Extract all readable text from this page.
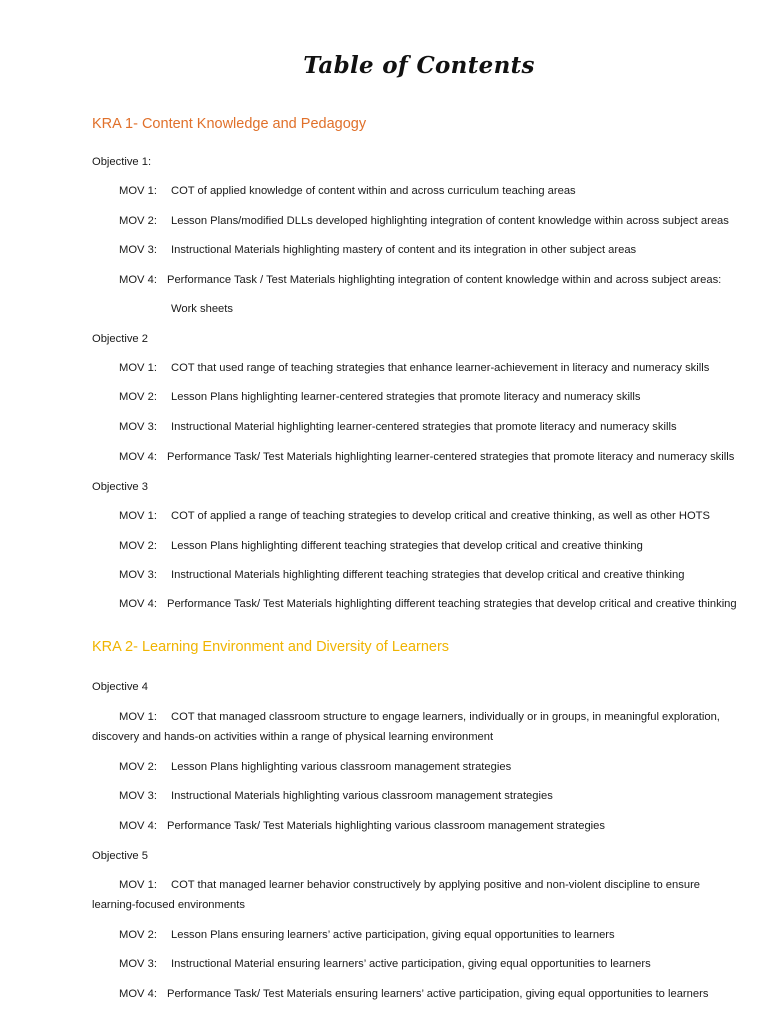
Table of Contents
KRA 1- Content Knowledge and Pedagogy
Objective 1:
MOV 1: COT of applied knowledge of content within and across curriculum teaching areas
MOV 2: Lesson Plans/modified DLLs developed highlighting integration of content knowledge within across subject areas
MOV 3: Instructional Materials highlighting mastery of content and its integration in other subject areas
MOV 4: Performance Task / Test Materials highlighting integration of content knowledge within and across subject areas:
Work sheets
Objective 2
MOV 1: COT that used range of teaching strategies that enhance learner-achievement in literacy and numeracy skills
MOV 2: Lesson Plans highlighting learner-centered strategies that promote literacy and numeracy skills
MOV 3: Instructional Material highlighting learner-centered strategies that promote literacy and numeracy skills
MOV 4: Performance Task/ Test Materials highlighting learner-centered strategies that promote literacy and numeracy skills
Objective 3
MOV 1: COT of applied a range of teaching strategies to develop critical and creative thinking, as well as other HOTS
MOV 2: Lesson Plans highlighting different teaching strategies that develop critical and creative thinking
MOV 3: Instructional Materials highlighting different teaching strategies that develop critical and creative thinking
MOV 4: Performance Task/ Test Materials highlighting different teaching strategies that develop critical and creative thinking
KRA 2- Learning Environment and Diversity of Learners
Objective 4
MOV 1: COT that managed classroom structure to engage learners, individually or in groups, in meaningful exploration,
discovery and hands-on activities within a range of physical learning environment
MOV 2: Lesson Plans highlighting various classroom management strategies
MOV 3: Instructional Materials highlighting various classroom management strategies
MOV 4: Performance Task/ Test Materials highlighting various classroom management strategies
Objective 5
MOV 1: COT that managed learner behavior constructively by applying positive and non-violent discipline to ensure
learning-focused environments
MOV 2: Lesson Plans ensuring learners’ active participation, giving equal opportunities to learners
MOV 3: Instructional Material ensuring learners’ active participation, giving equal opportunities to learners
MOV 4: Performance Task/ Test Materials ensuring learners’ active participation, giving equal opportunities to learners
